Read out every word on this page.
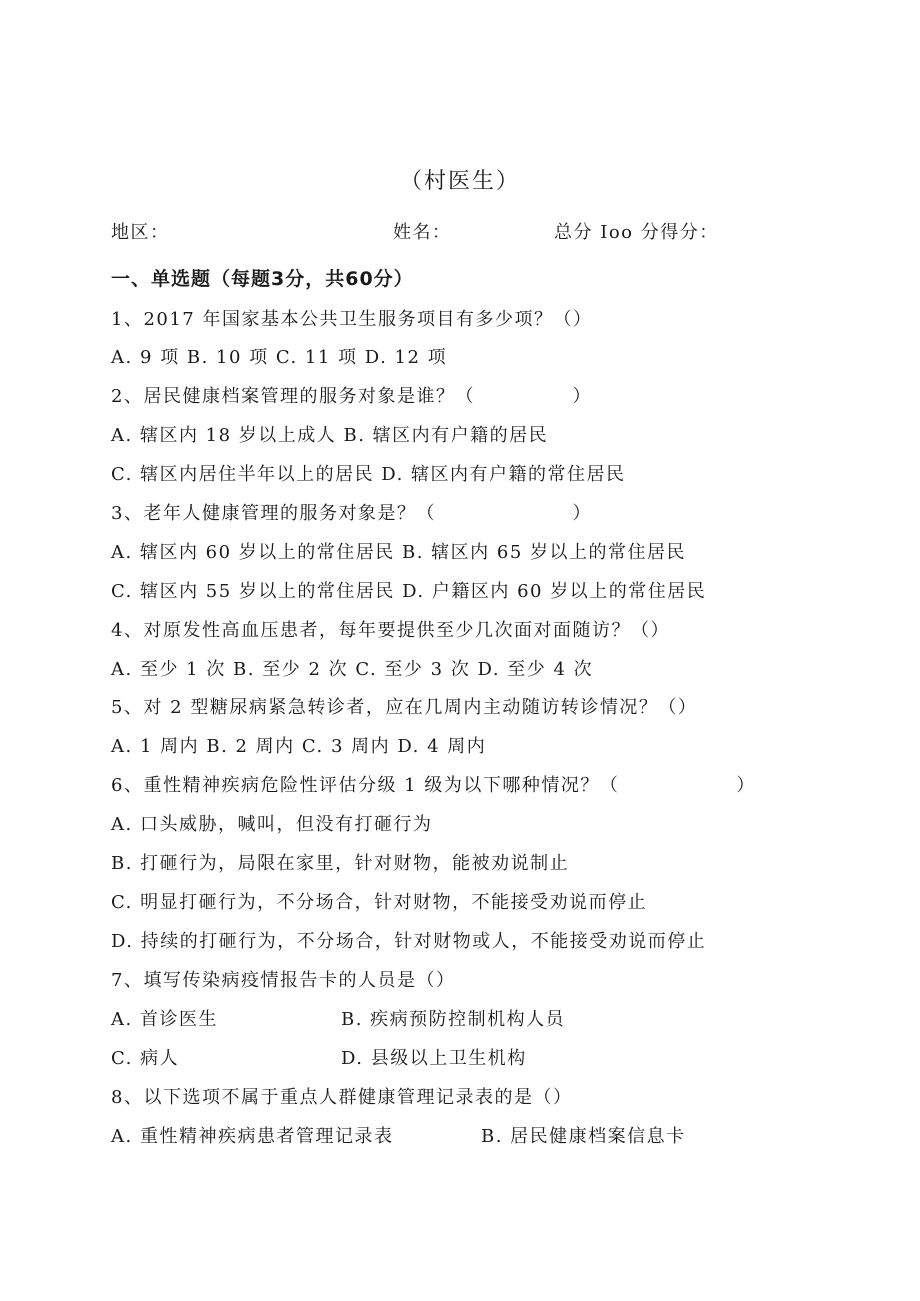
（村医生）
地区：	姓名：	总分 Ioo 分得分：
一、单选题（每题3分，共60分）
1、2017 年国家基本公共卫生服务项目有多少项？（）
A. 9 项 B. 10 项 C. 11 项 D. 12 项
2、居民健康档案管理的服务对象是谁？（　　　　　）
A. 辖区内 18 岁以上成人 B. 辖区内有户籍的居民
C. 辖区内居住半年以上的居民 D. 辖区内有户籍的常住居民
3、老年人健康管理的服务对象是？（　　　　　　　）
A. 辖区内 60 岁以上的常住居民 B. 辖区内 65 岁以上的常住居民
C. 辖区内 55 岁以上的常住居民 D. 户籍区内 60 岁以上的常住居民
4、对原发性高血压患者，每年要提供至少几次面对面随访？（）
A. 至少 1 次 B. 至少 2 次 C. 至少 3 次 D. 至少 4 次
5、对 2 型糖尿病紧急转诊者，应在几周内主动随访转诊情况？（）
A. 1 周内 B. 2 周内 C. 3 周内 D. 4 周内
6、重性精神疾病危险性评估分级 1 级为以下哪种情况？（　　　　　　）
A. 口头威胁，喊叫，但没有打砸行为
B. 打砸行为，局限在家里，针对财物，能被劝说制止
C. 明显打砸行为，不分场合，针对财物，不能接受劝说而停止
D. 持续的打砸行为，不分场合，针对财物或人，不能接受劝说而停止
7、填写传染病疫情报告卡的人员是（）
A. 首诊医生	B. 疾病预防控制机构人员
C. 病人	D. 县级以上卫生机构
8、以下选项不属于重点人群健康管理记录表的是（）
A. 重性精神疾病患者管理记录表	B. 居民健康档案信息卡
